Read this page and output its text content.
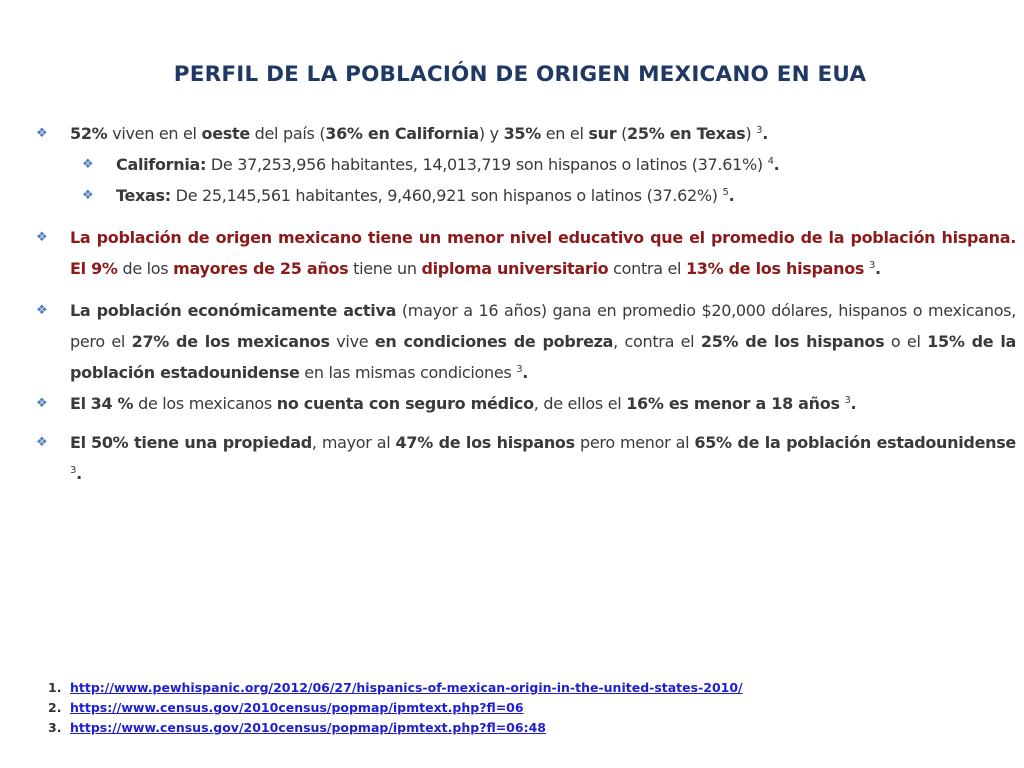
PERFIL DE LA POBLACIÓN DE ORIGEN MEXICANO EN EUA
❖ 52% viven en el oeste del país (36% en California) y 35% en el sur (25% en Texas) $^3$.
❖ California: De 37,253,956 habitantes, 14,013,719 son hispanos o latinos (37.61%) $^4$.
❖ Texas: De 25,145,561 habitantes, 9,460,921 son hispanos o latinos (37.62%) $^5$.
❖ La población de origen mexicano tiene un menor nivel educativo que el promedio de la población hispana. El 9% de los mayores de 25 años tiene un diploma universitario contra el 13% de los hispanos $^3$.
❖ La población económicamente activa (mayor a 16 años) gana en promedio $20,000 dólares, hispanos o mexicanos, pero el 27% de los mexicanos vive en condiciones de pobreza, contra el 25% de los hispanos o el 15% de la población estadounidense en las mismas condiciones $^3$.
❖ El 34 % de los mexicanos no cuenta con seguro médico, de ellos el 16% es menor a 18 años $^3$.
❖ El 50% tiene una propiedad, mayor al 47% de los hispanos pero menor al 65% de la población estadounidense $^3$.
1. http://www.pewhispanic.org/2012/06/27/hispanics-of-mexican-origin-in-the-united-states-2010/
2. https://www.census.gov/2010census/popmap/ipmtext.php?fl=06
3. https://www.census.gov/2010census/popmap/ipmtext.php?fl=06:48
